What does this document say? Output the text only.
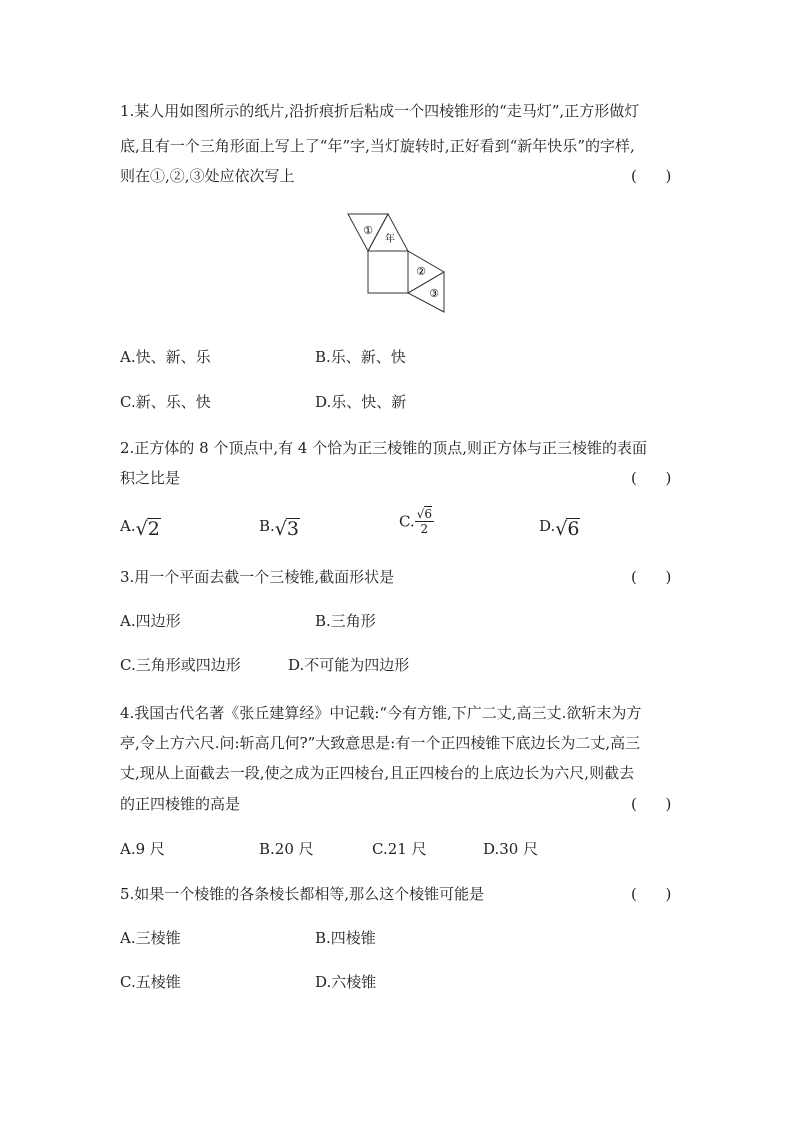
1.某人用如图所示的纸片,沿折痕折后粘成一个四棱锥形的“走马灯”,正方形做灯
底,且有一个三角形面上写上了“年”字,当灯旋转时,正好看到“新年快乐”的字样,
则在①,②,③处应依次写上	(      )
①
年
②
③
A.快、新、乐	B.乐、新、快
C.新、乐、快	D.乐、快、新
2.正方体的 8 个顶点中,有 4 个恰为正三棱锥的顶点,则正方体与正三棱锥的表面
积之比是	(      )
A. √ 2	B. √ 3	C. $\frac{√6}{2}$	D. √ 6
3.用一个平面去截一个三棱锥,截面形状是	(      )
A.四边形	B.三角形
C.三角形或四边形	D.不可能为四边形
4.我国古代名著《张丘建算经》中记载:“今有方锥,下广二丈,高三丈.欲斩末为方
亭,令上方六尺.问:斩高几何?”大致意思是:有一个正四棱锥下底边长为二丈,高三
丈,现从上面截去一段,使之成为正四棱台,且正四棱台的上底边长为六尺,则截去
的正四棱锥的高是	(      )
A.9 尺	B.20 尺	C.21 尺	D.30 尺
5.如果一个棱锥的各条棱长都相等,那么这个棱锥可能是	(      )
A.三棱锥	B.四棱锥
C.五棱锥	D.六棱锥
